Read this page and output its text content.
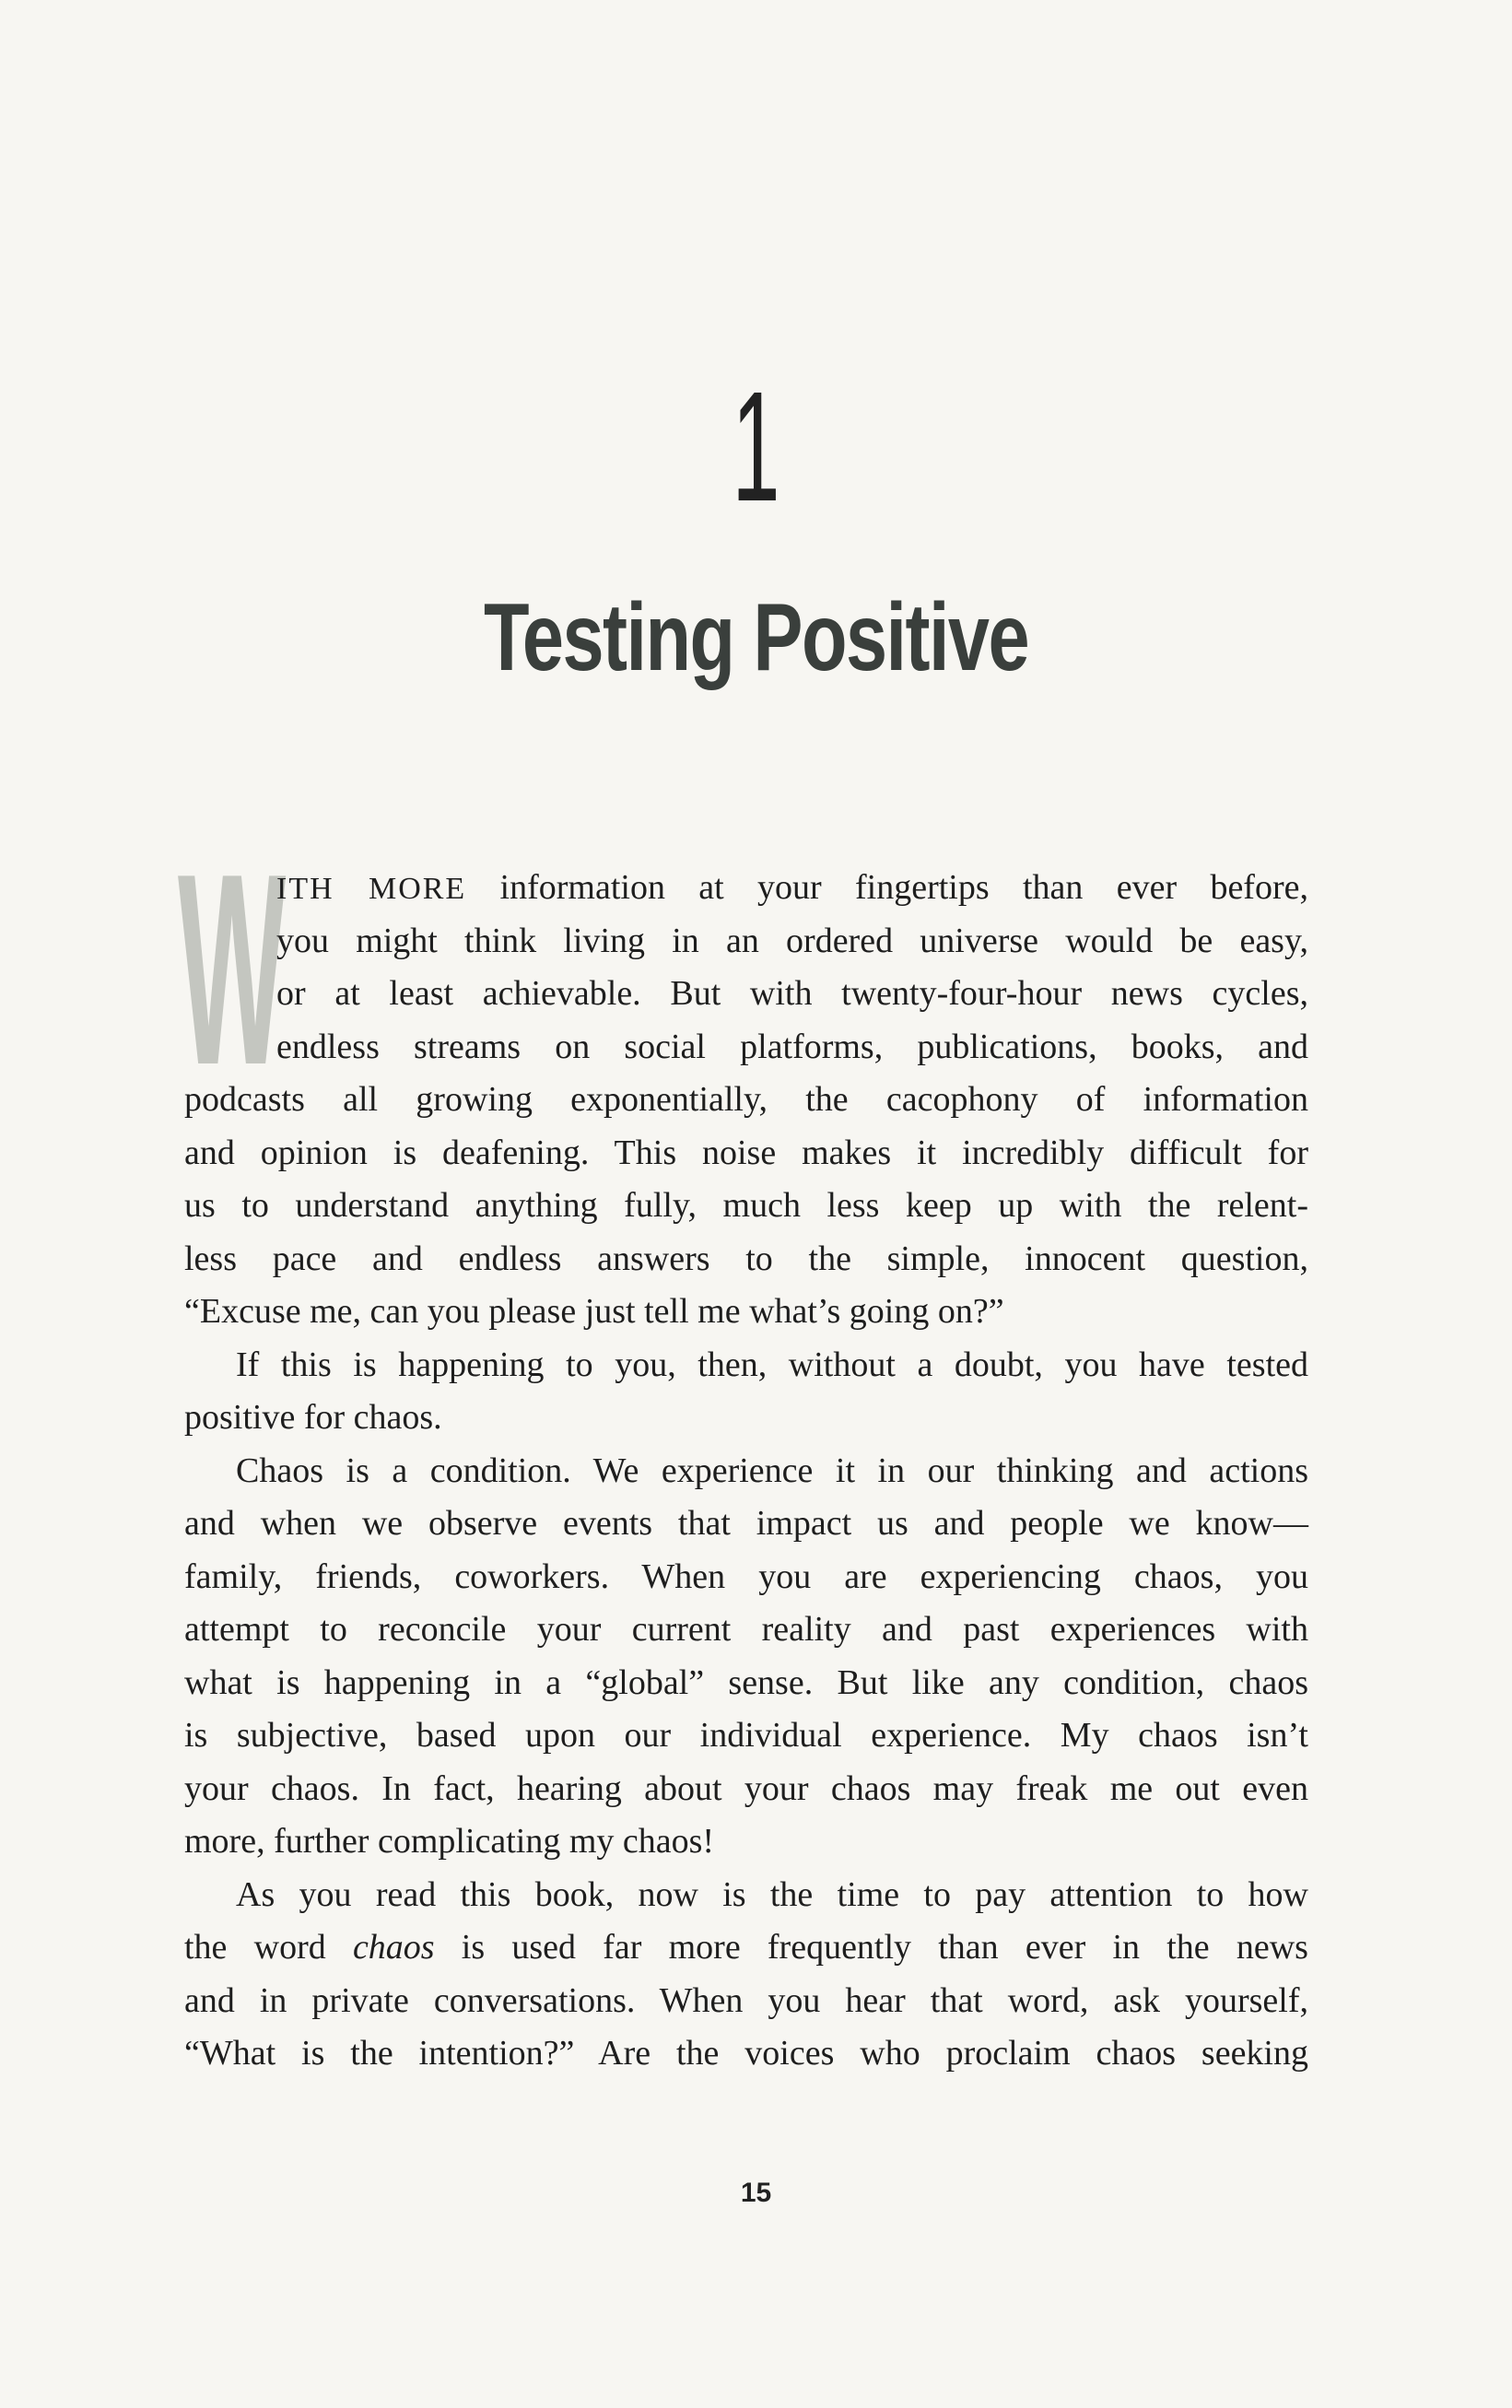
1
Testing Positive
W
ITH MORE information at your fingertips than ever before,
you might think living in an ordered universe would be easy,
or at least achievable. But with twenty-four-hour news cycles,
endless streams on social platforms, publications, books, and
podcasts all growing exponentially, the cacophony of information
and opinion is deafening. This noise makes it incredibly difficult for
us to understand anything fully, much less keep up with the relent-
less pace and endless answers to the simple, innocent question,
“Excuse me, can you please just tell me what’s going on?”
If this is happening to you, then, without a doubt, you have tested
positive for chaos.
Chaos is a condition. We experience it in our thinking and actions
and when we observe events that impact us and people we know—
family, friends, coworkers. When you are experiencing chaos, you
attempt to reconcile your current reality and past experiences with
what is happening in a “global” sense. But like any condition, chaos
is subjective, based upon our individual experience. My chaos isn’t
your chaos. In fact, hearing about your chaos may freak me out even
more, further complicating my chaos!
As you read this book, now is the time to pay attention to how
the word chaos is used far more frequently than ever in the news
and in private conversations. When you hear that word, ask yourself,
“What is the intention?” Are the voices who proclaim chaos seeking
15
